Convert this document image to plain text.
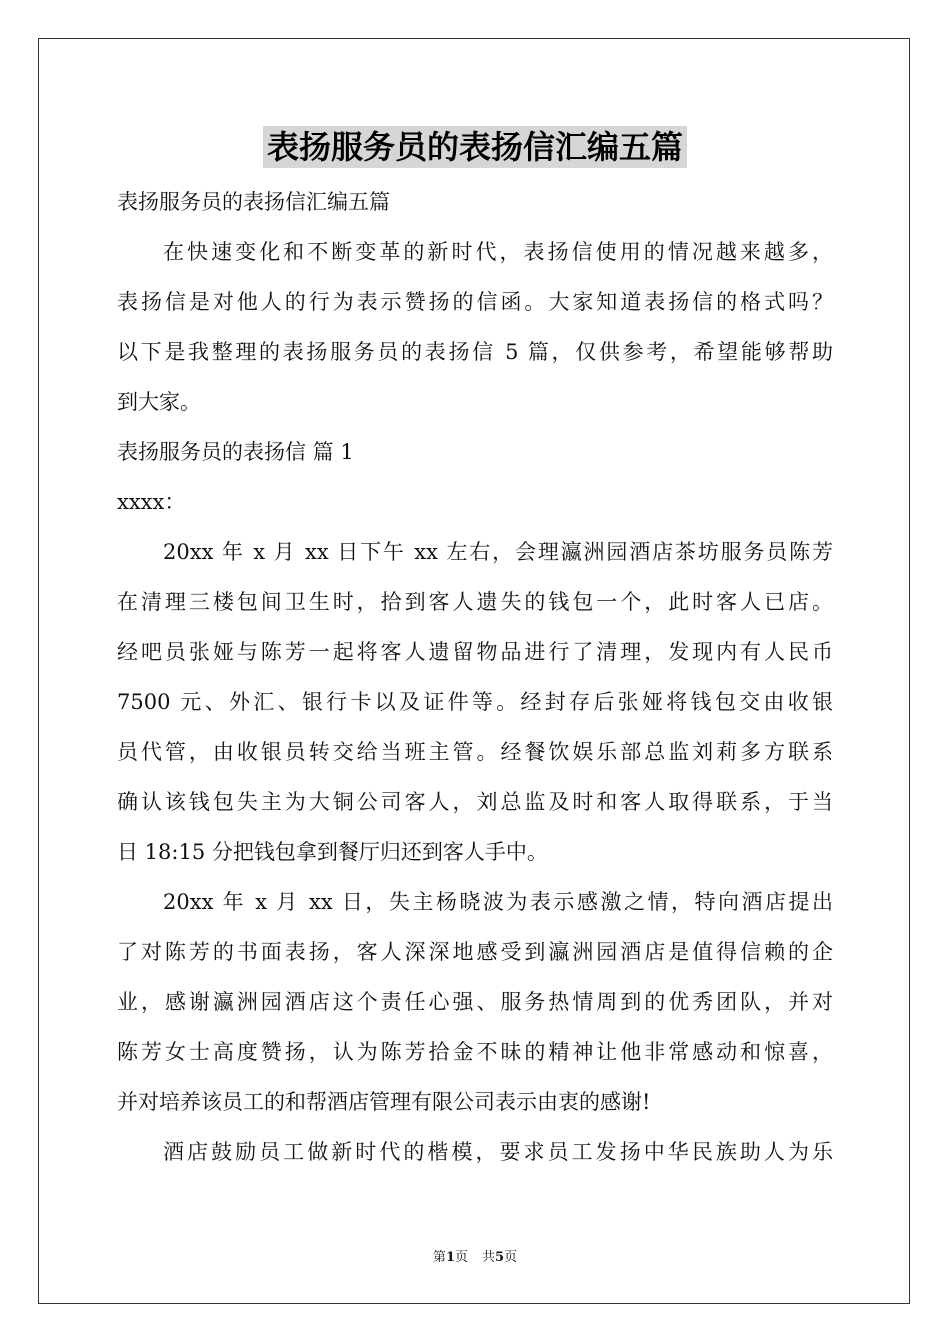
表扬服务员的表扬信汇编五篇
表扬服务员的表扬信汇编五篇
在快速变化和不断变革的新时代，表扬信使用的情况越来越多，
表扬信是对他人的行为表示赞扬的信函。大家知道表扬信的格式吗？
以下是我整理的表扬服务员的表扬信 5 篇，仅供参考，希望能够帮助
到大家。
表扬服务员的表扬信 篇 1
xxxx：
20xx 年 x 月 xx 日下午 xx 左右，会理瀛洲园酒店茶坊服务员陈芳
在清理三楼包间卫生时，拾到客人遗失的钱包一个，此时客人已店。
经吧员张娅与陈芳一起将客人遗留物品进行了清理，发现内有人民币
7500 元、外汇、银行卡以及证件等。经封存后张娅将钱包交由收银
员代管，由收银员转交给当班主管。经餐饮娱乐部总监刘莉多方联系
确认该钱包失主为大铜公司客人，刘总监及时和客人取得联系，于当
日 18:15 分把钱包拿到餐厅归还到客人手中。
20xx 年 x 月 xx 日，失主杨晓波为表示感激之情，特向酒店提出
了对陈芳的书面表扬，客人深深地感受到瀛洲园酒店是值得信赖的企
业，感谢瀛洲园酒店这个责任心强、服务热情周到的优秀团队，并对
陈芳女士高度赞扬，认为陈芳拾金不昧的精神让他非常感动和惊喜，
并对培养该员工的和帮酒店管理有限公司表示由衷的感谢!
酒店鼓励员工做新时代的楷模，要求员工发扬中华民族助人为乐
第1页 共5页
